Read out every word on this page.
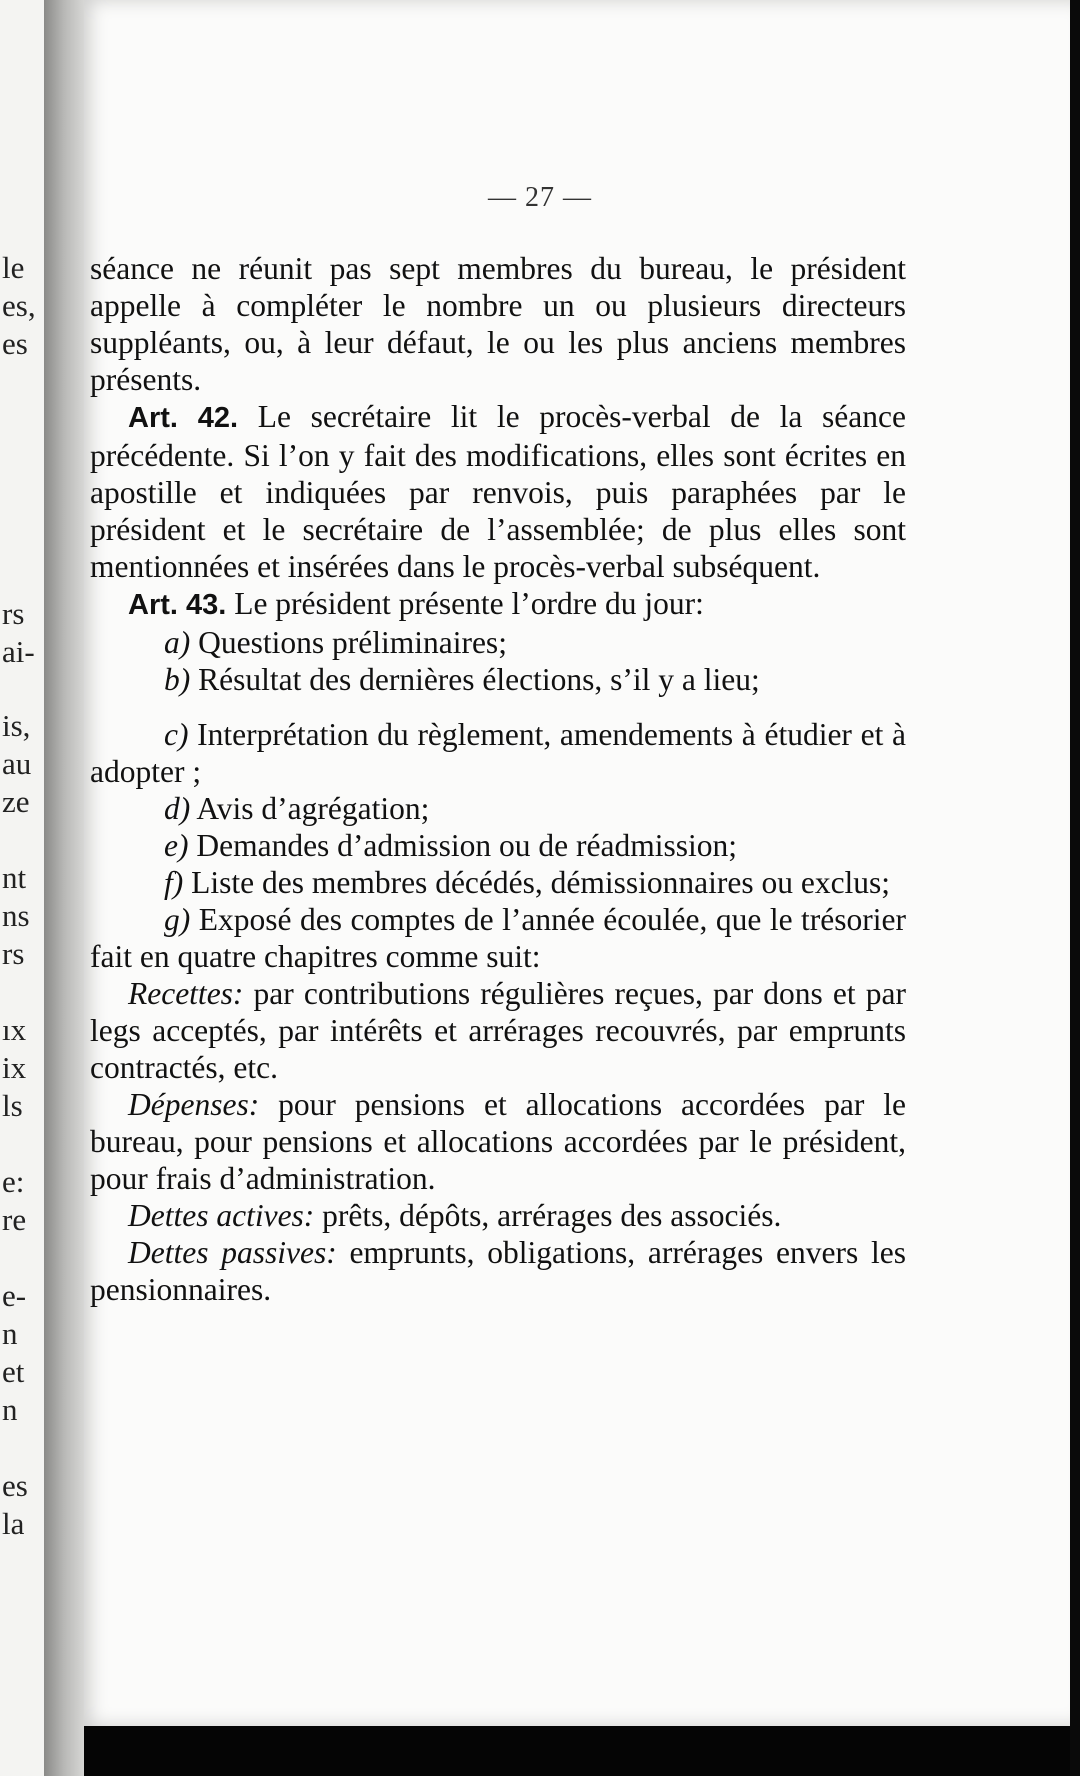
le
es,
es
rs
ai-
is,
au
ze
nt
ns
rs
ıx
ix
ls
e:
re
e-
n
et
n
es
la
— 27 —

séance ne réunit pas sept membres du bureau, le président appelle à compléter le nombre un ou plusieurs directeurs suppléants, ou, à leur défaut, le ou les plus anciens membres présents.

Art. 42. Le secrétaire lit le procès-verbal de la séance précédente. Si l’on y fait des modifications, elles sont écrites en apostille et indiquées par renvois, puis paraphées par le président et le secrétaire de l’assemblée; de plus elles sont mentionnées et insérées dans le procès-verbal subséquent.

Art. 43. Le président présente l’ordre du jour:

a) Questions préliminaires;

b) Résultat des dernières élections, s’il y a lieu;

c) Interprétation du règlement, amendements à étudier et à adopter ;

d) Avis d’agrégation;

e) Demandes d’admission ou de réadmission;

f) Liste des membres décédés, démissionnaires ou exclus;

g) Exposé des comptes de l’année écoulée, que le trésorier fait en quatre chapitres comme suit:

Recettes: par contributions régulières reçues, par dons et par legs acceptés, par intérêts et arrérages recouvrés, par emprunts contractés, etc.

Dépenses: pour pensions et allocations accordées par le bureau, pour pensions et allocations accordées par le président, pour frais d’administration.

Dettes actives: prêts, dépôts, arrérages des associés.

Dettes passives: emprunts, obligations, arrérages envers les pensionnaires.
